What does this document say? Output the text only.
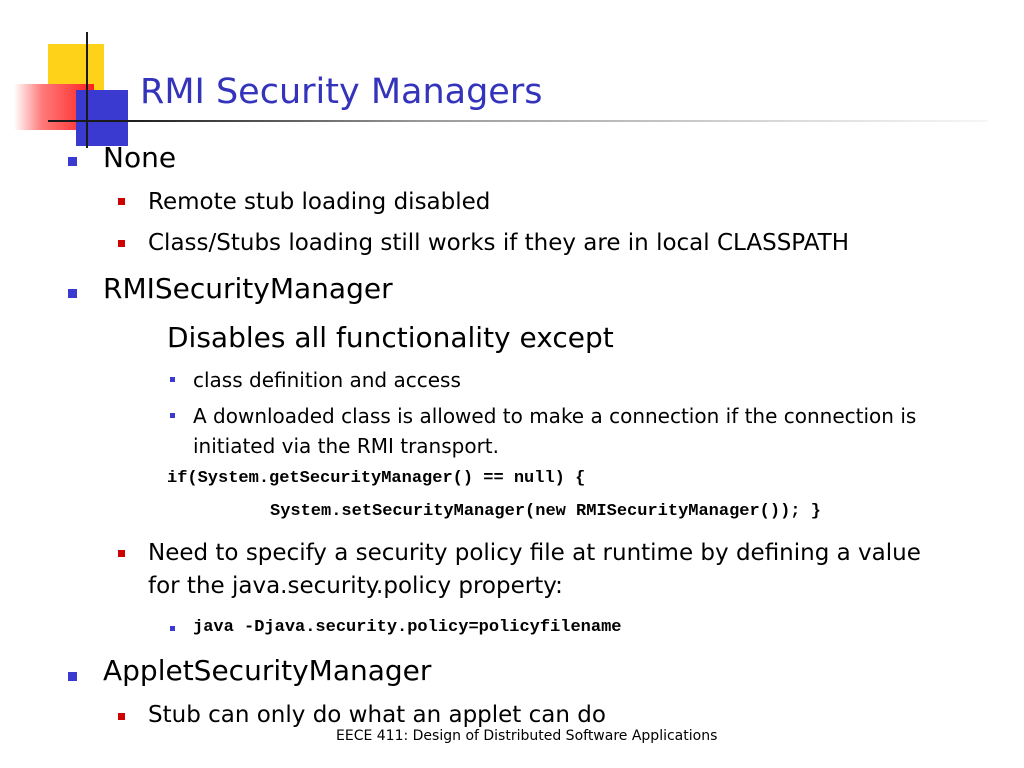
RMI Security Managers
None
Remote stub loading disabled
Class/Stubs loading still works if they are in local CLASSPATH
RMISecurityManager
Disables all functionality except
class definition and access
A downloaded class is allowed to make a connection if the connection is
initiated via the RMI transport.
if(System.getSecurityManager() == null) {
System.setSecurityManager(new RMISecurityManager()); }
Need to specify a security policy file at runtime by defining a value
for the java.security.policy property:
java -Djava.security.policy=policyfilename
AppletSecurityManager
Stub can only do what an applet can do
EECE 411: Design of Distributed Software Applications
